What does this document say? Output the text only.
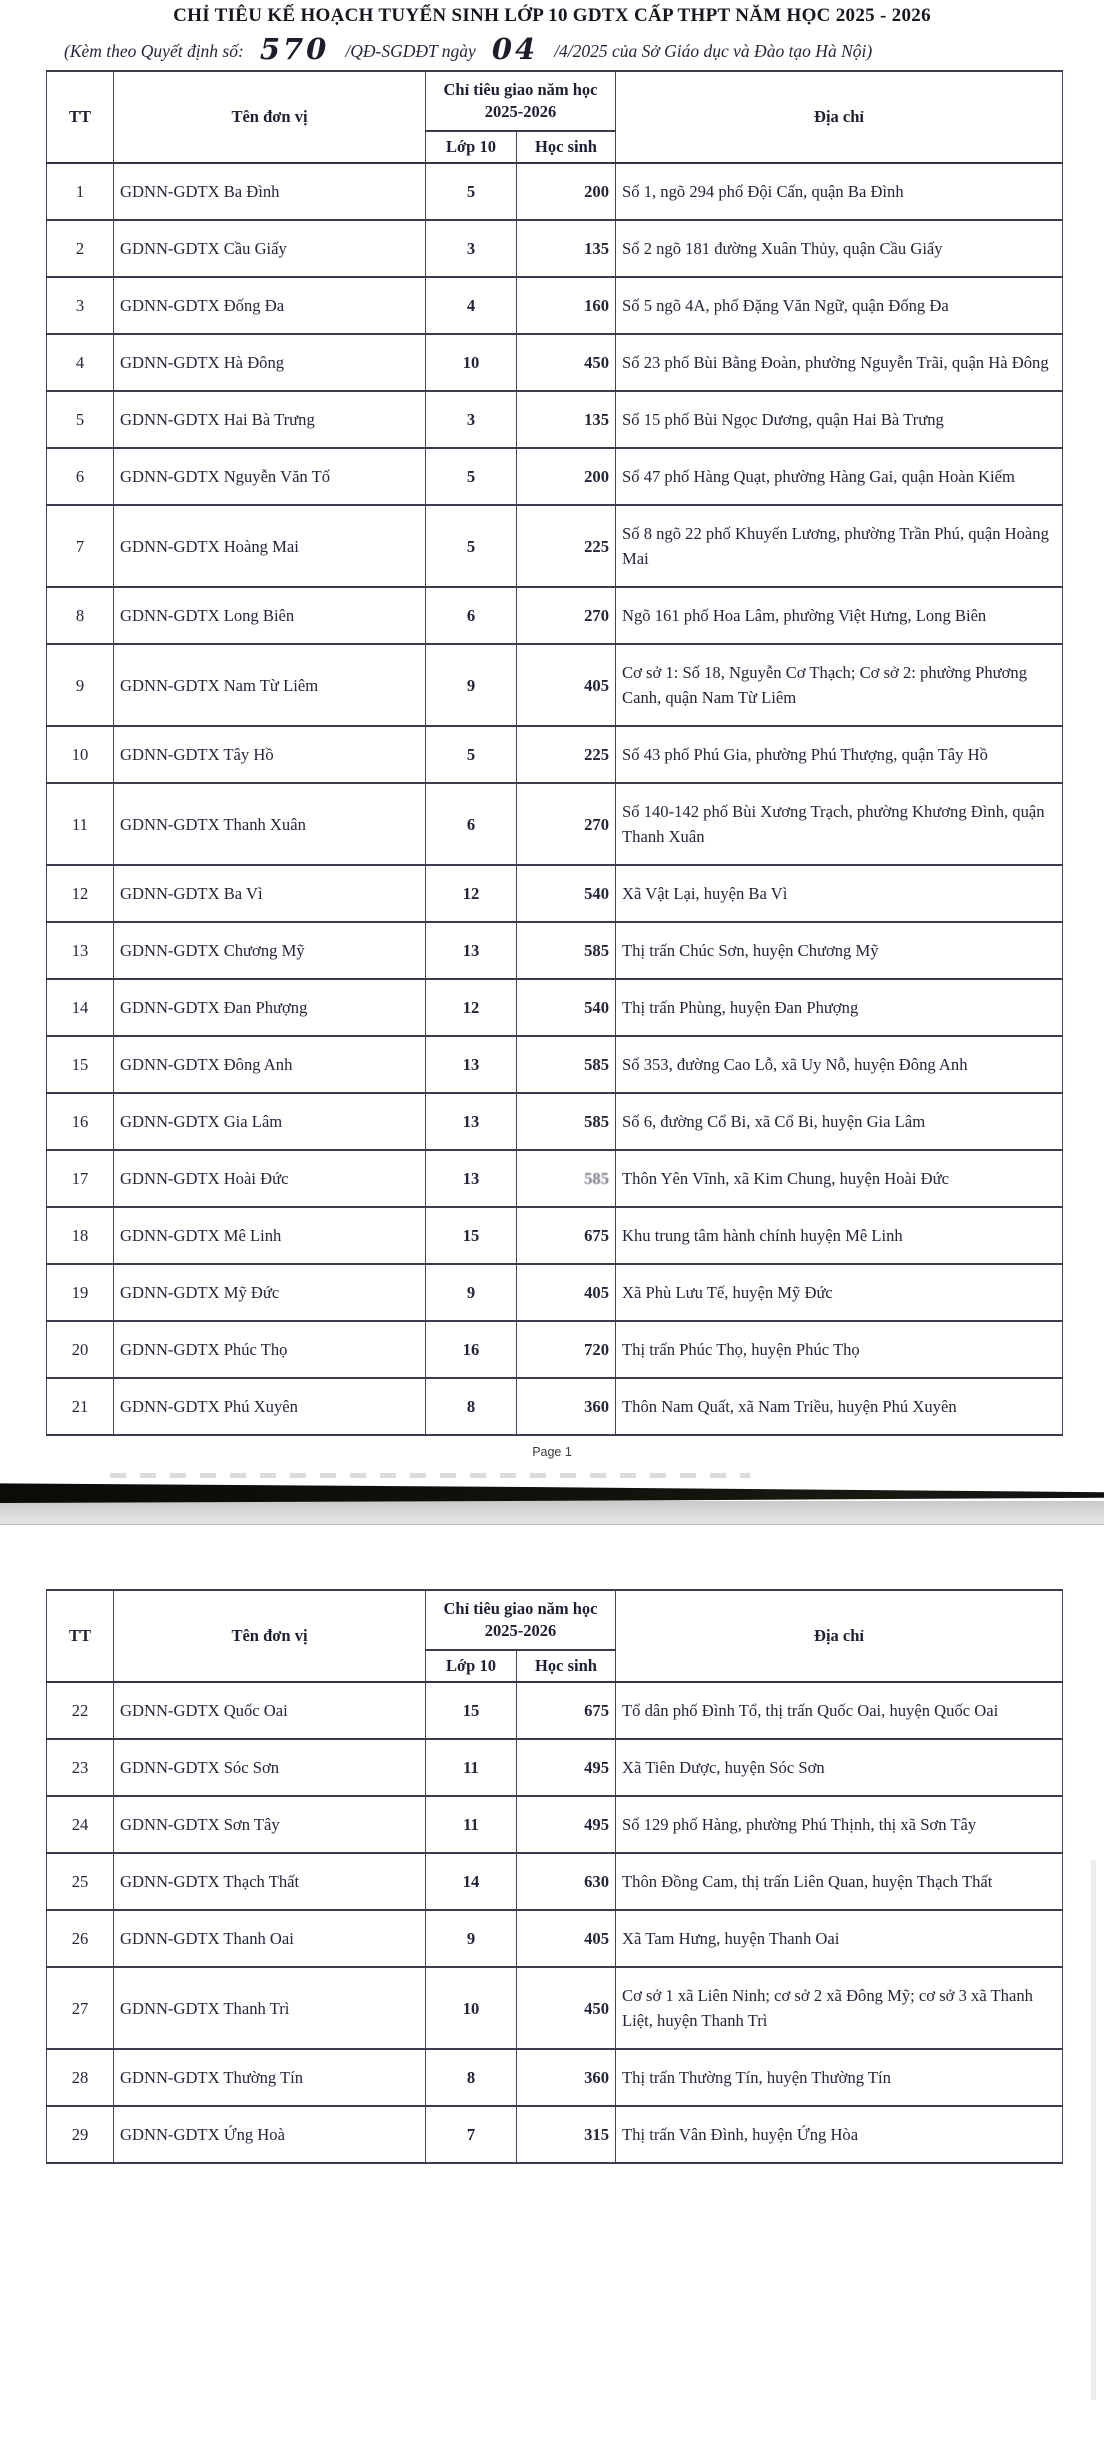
CHỈ TIÊU KẾ HOẠCH TUYỂN SINH LỚP 10 GDTX CẤP THPT NĂM HỌC 2025 - 2026
(Kèm theo Quyết định số: 570 /QĐ-SGDĐT ngày 04 /4/2025 của Sở Giáo dục và Đào tạo Hà Nội)
TT	Tên đơn vị	Chỉ tiêu giao năm học 2025-2026		Địa chỉ
		Lớp 10	Học sinh	
1	GDNN-GDTX Ba Đình	5	200	Số 1, ngõ 294 phố Đội Cấn, quận Ba Đình
2	GDNN-GDTX Cầu Giấy	3	135	Số 2 ngõ 181 đường Xuân Thủy, quận Cầu Giấy
3	GDNN-GDTX Đống Đa	4	160	Số 5 ngõ 4A, phố Đặng Văn Ngữ, quận Đống Đa
4	GDNN-GDTX Hà Đông	10	450	Số 23 phố Bùi Bằng Đoàn, phường Nguyễn Trãi, quận Hà Đông
5	GDNN-GDTX Hai Bà Trưng	3	135	Số 15 phố Bùi Ngọc Dương, quận Hai Bà Trưng
6	GDNN-GDTX Nguyễn Văn Tố	5	200	Số 47 phố Hàng Quạt, phường Hàng Gai, quận Hoàn Kiếm
7	GDNN-GDTX Hoàng Mai	5	225	Số 8 ngõ 22 phố Khuyến Lương, phường Trần Phú, quận Hoàng Mai
8	GDNN-GDTX Long Biên	6	270	Ngõ 161 phố Hoa Lâm, phường Việt Hưng, Long Biên
9	GDNN-GDTX Nam Từ Liêm	9	405	Cơ sở 1: Số 18, Nguyễn Cơ Thạch; Cơ sở 2: phường Phương Canh, quận Nam Từ Liêm
10	GDNN-GDTX Tây Hồ	5	225	Số 43 phố Phú Gia, phường Phú Thượng, quận Tây Hồ
11	GDNN-GDTX Thanh Xuân	6	270	Số 140-142 phố Bùi Xương Trạch, phường Khương Đình, quận Thanh Xuân
12	GDNN-GDTX Ba Vì	12	540	Xã Vật Lại, huyện Ba Vì
13	GDNN-GDTX Chương Mỹ	13	585	Thị trấn Chúc Sơn, huyện Chương Mỹ
14	GDNN-GDTX Đan Phượng	12	540	Thị trấn Phùng, huyện Đan Phượng
15	GDNN-GDTX Đông Anh	13	585	Số 353, đường Cao Lỗ, xã Uy Nỗ, huyện Đông Anh
16	GDNN-GDTX Gia Lâm	13	585	Số 6, đường Cổ Bi, xã Cổ Bi, huyện Gia Lâm
17	GDNN-GDTX Hoài Đức	13	585	Thôn Yên Vĩnh, xã Kim Chung, huyện Hoài Đức
18	GDNN-GDTX Mê Linh	15	675	Khu trung tâm hành chính huyện Mê Linh
19	GDNN-GDTX Mỹ Đức	9	405	Xã Phù Lưu Tế, huyện Mỹ Đức
20	GDNN-GDTX Phúc Thọ	16	720	Thị trấn Phúc Thọ, huyện Phúc Thọ
21	GDNN-GDTX Phú Xuyên	8	360	Thôn Nam Quất, xã Nam Triều, huyện Phú Xuyên
Page 1
TT	Tên đơn vị	Chỉ tiêu giao năm học 2025-2026		Địa chỉ
		Lớp 10	Học sinh	
22	GDNN-GDTX Quốc Oai	15	675	Tổ dân phố Đình Tổ, thị trấn Quốc Oai, huyện Quốc Oai
23	GDNN-GDTX Sóc Sơn	11	495	Xã Tiên Dược, huyện Sóc Sơn
24	GDNN-GDTX Sơn Tây	11	495	Số 129 phố Hàng, phường Phú Thịnh, thị xã Sơn Tây
25	GDNN-GDTX Thạch Thất	14	630	Thôn Đồng Cam, thị trấn Liên Quan, huyện Thạch Thất
26	GDNN-GDTX Thanh Oai	9	405	Xã Tam Hưng, huyện Thanh Oai
27	GDNN-GDTX Thanh Trì	10	450	Cơ sở 1 xã Liên Ninh; cơ sở 2 xã Đông Mỹ; cơ sở 3 xã Thanh Liệt, huyện Thanh Trì
28	GDNN-GDTX Thường Tín	8	360	Thị trấn Thường Tín, huyện Thường Tín
29	GDNN-GDTX Ứng Hoà	7	315	Thị trấn Vân Đình, huyện Ứng Hòa
